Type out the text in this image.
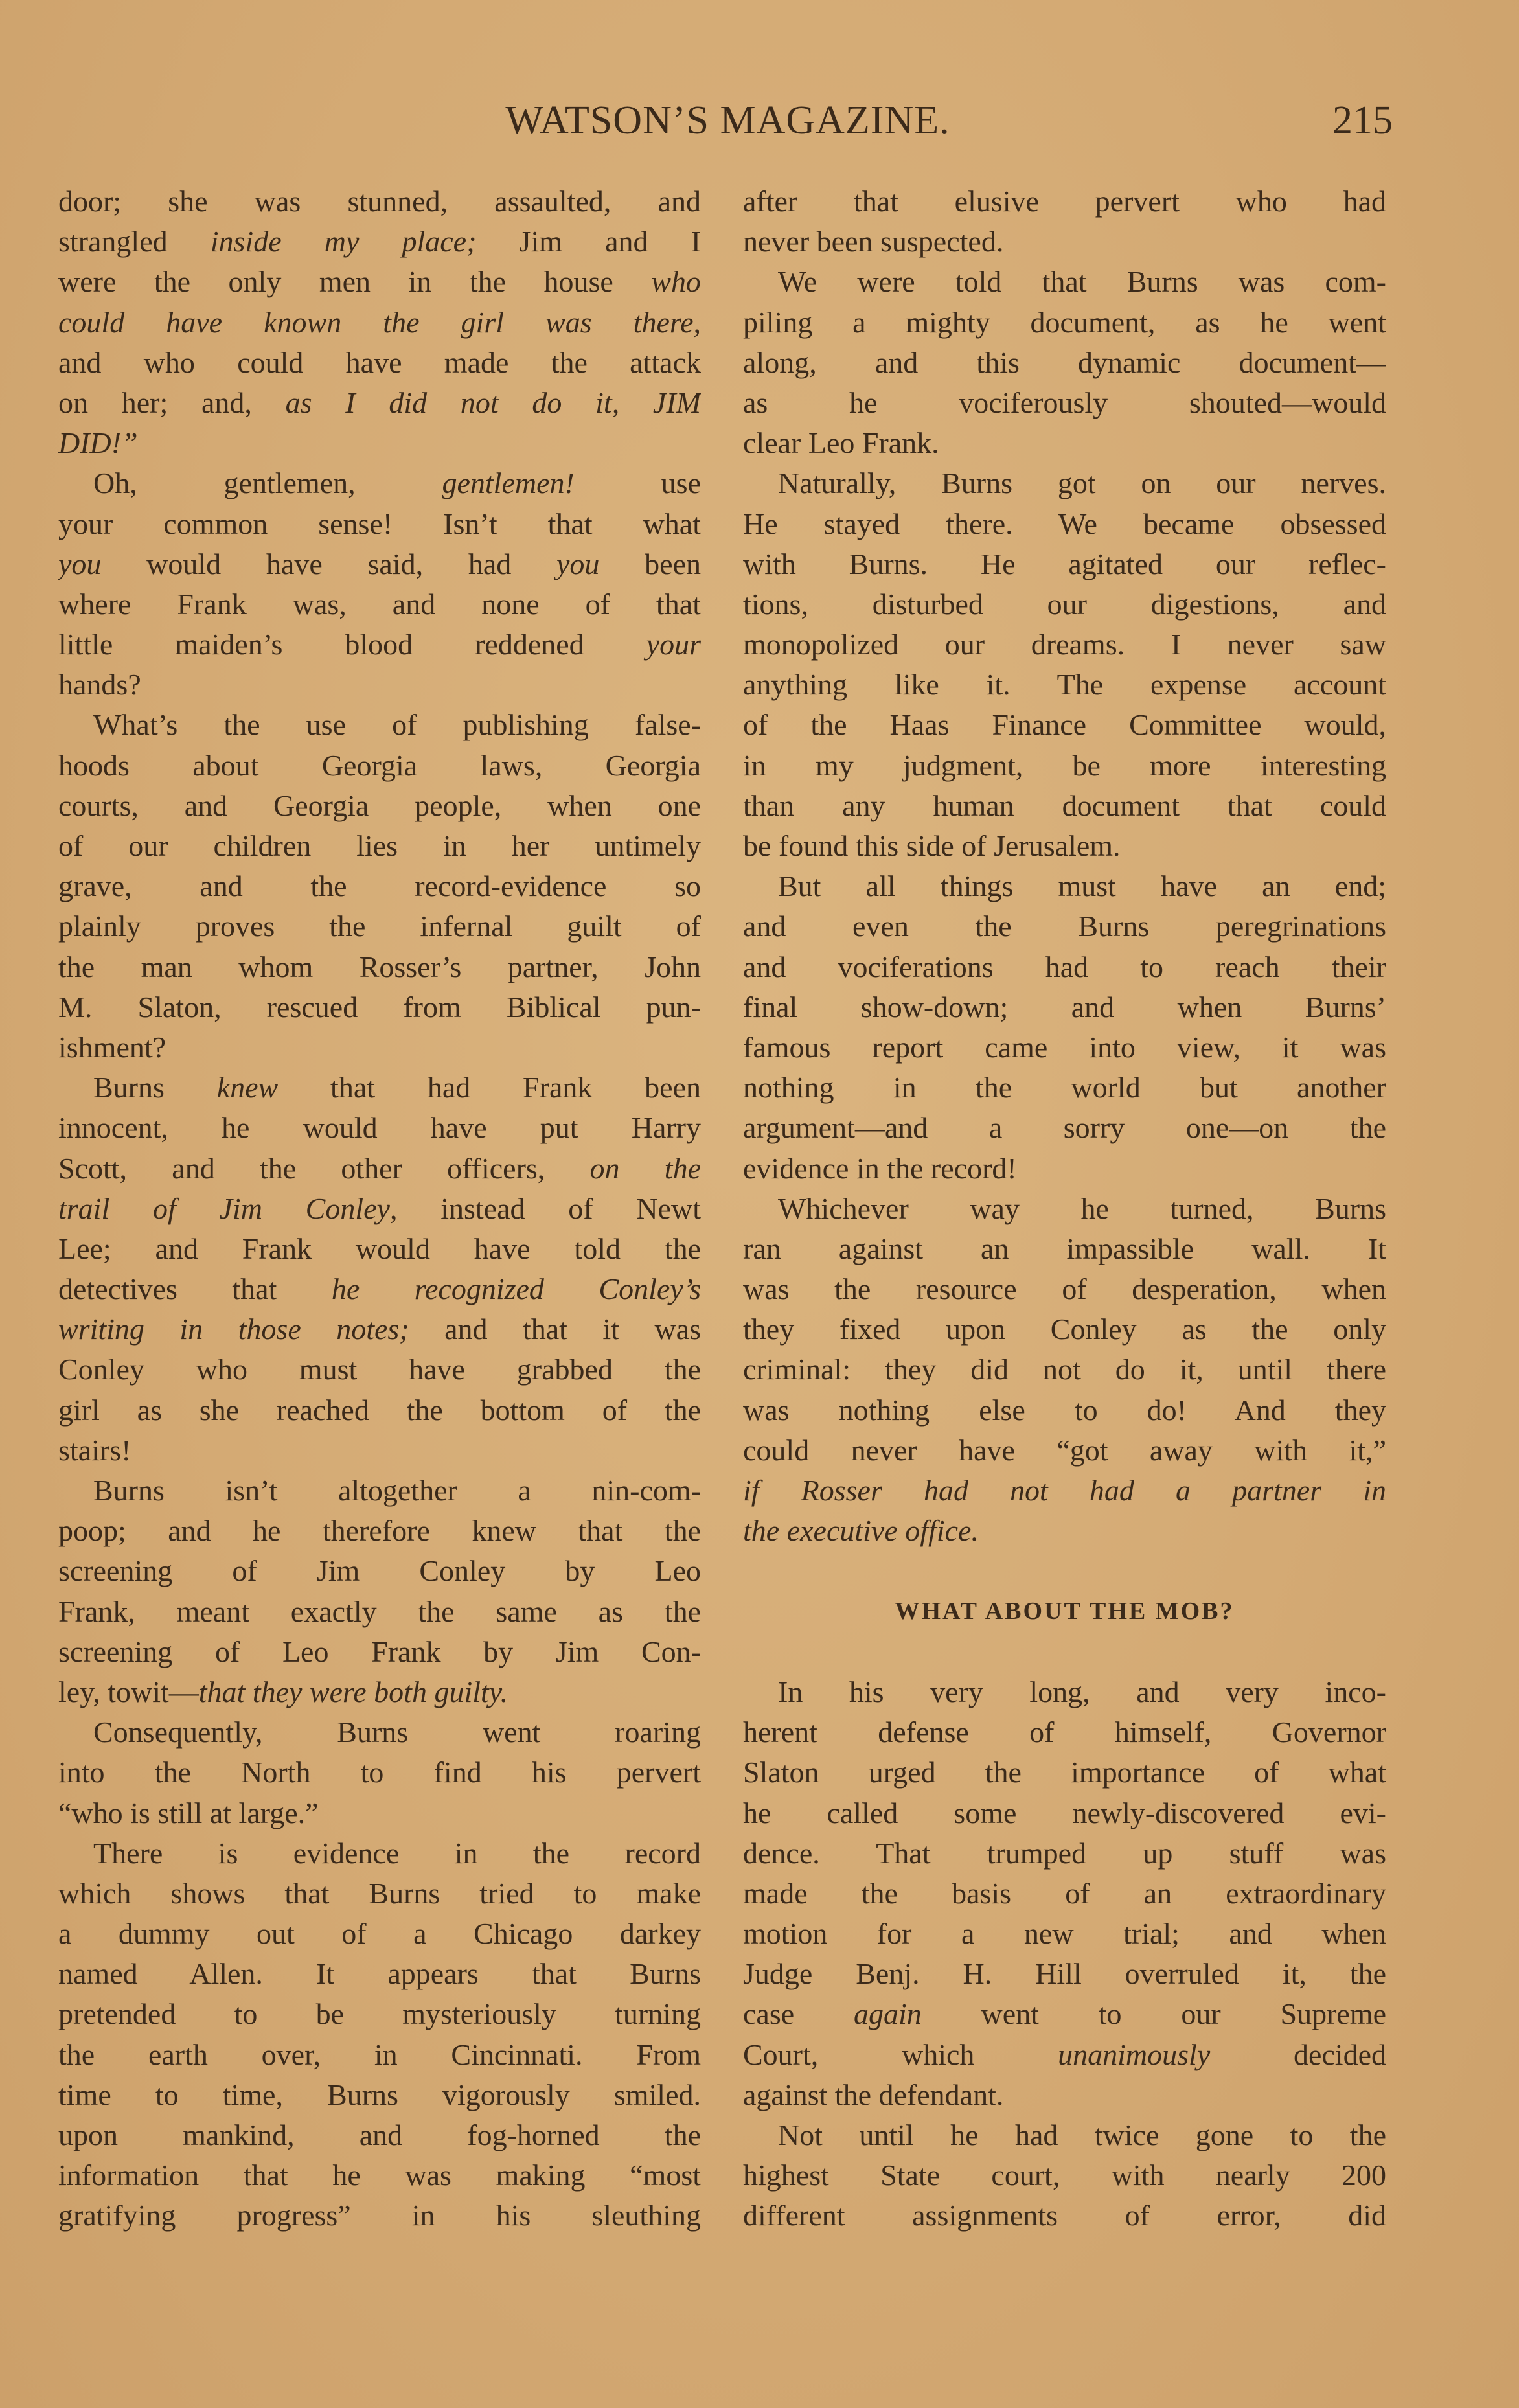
WATSON’S MAGAZINE.	215
door; she was stunned, assaulted, and
strangled inside my place; Jim and I
were the only men in the house who
could have known the girl was there,
and who could have made the attack
on her; and, as I did not do it, JIM
DID!”
Oh, gentlemen, gentlemen! use
your common sense! Isn’t that what
you would have said, had you been
where Frank was, and none of that
little maiden’s blood reddened your
hands?
What’s the use of publishing false-
hoods about Georgia laws, Georgia
courts, and Georgia people, when one
of our children lies in her untimely
grave, and the record-evidence so
plainly proves the infernal guilt of
the man whom Rosser’s partner, John
M. Slaton, rescued from Biblical pun-
ishment?
Burns knew that had Frank been
innocent, he would have put Harry
Scott, and the other officers, on the
trail of Jim Conley, instead of Newt
Lee; and Frank would have told the
detectives that he recognized Conley’s
writing in those notes; and that it was
Conley who must have grabbed the
girl as she reached the bottom of the
stairs!
Burns isn’t altogether a nin-com-
poop; and he therefore knew that the
screening of Jim Conley by Leo
Frank, meant exactly the same as the
screening of Leo Frank by Jim Con-
ley, towit—that they were both guilty.
Consequently, Burns went roaring
into the North to find his pervert
“who is still at large.”
There is evidence in the record
which shows that Burns tried to make
a dummy out of a Chicago darkey
named Allen. It appears that Burns
pretended to be mysteriously turning
the earth over, in Cincinnati. From
time to time, Burns vigorously smiled.
upon mankind, and fog-horned the
information that he was making “most
gratifying progress” in his sleuthing
after that elusive pervert who had
never been suspected.
We were told that Burns was com-
piling a mighty document, as he went
along, and this dynamic document—
as he vociferously shouted—would
clear Leo Frank.
Naturally, Burns got on our nerves.
He stayed there. We became obsessed
with Burns. He agitated our reflec-
tions, disturbed our digestions, and
monopolized our dreams. I never saw
anything like it. The expense account
of the Haas Finance Committee would,
in my judgment, be more interesting
than any human document that could
be found this side of Jerusalem.
But all things must have an end;
and even the Burns peregrinations
and vociferations had to reach their
final show-down; and when Burns’
famous report came into view, it was
nothing in the world but another
argument—and a sorry one—on the
evidence in the record!
Whichever way he turned, Burns
ran against an impassible wall. It
was the resource of desperation, when
they fixed upon Conley as the only
criminal: they did not do it, until there
was nothing else to do! And they
could never have “got away with it,”
if Rosser had not had a partner in
the executive office.
WHAT ABOUT THE MOB?
In his very long, and very inco-
herent defense of himself, Governor
Slaton urged the importance of what
he called some newly-discovered evi-
dence. That trumped up stuff was
made the basis of an extraordinary
motion for a new trial; and when
Judge Benj. H. Hill overruled it, the
case again went to our Supreme
Court, which unanimously decided
against the defendant.
Not until he had twice gone to the
highest State court, with nearly 200
different assignments of error, did
